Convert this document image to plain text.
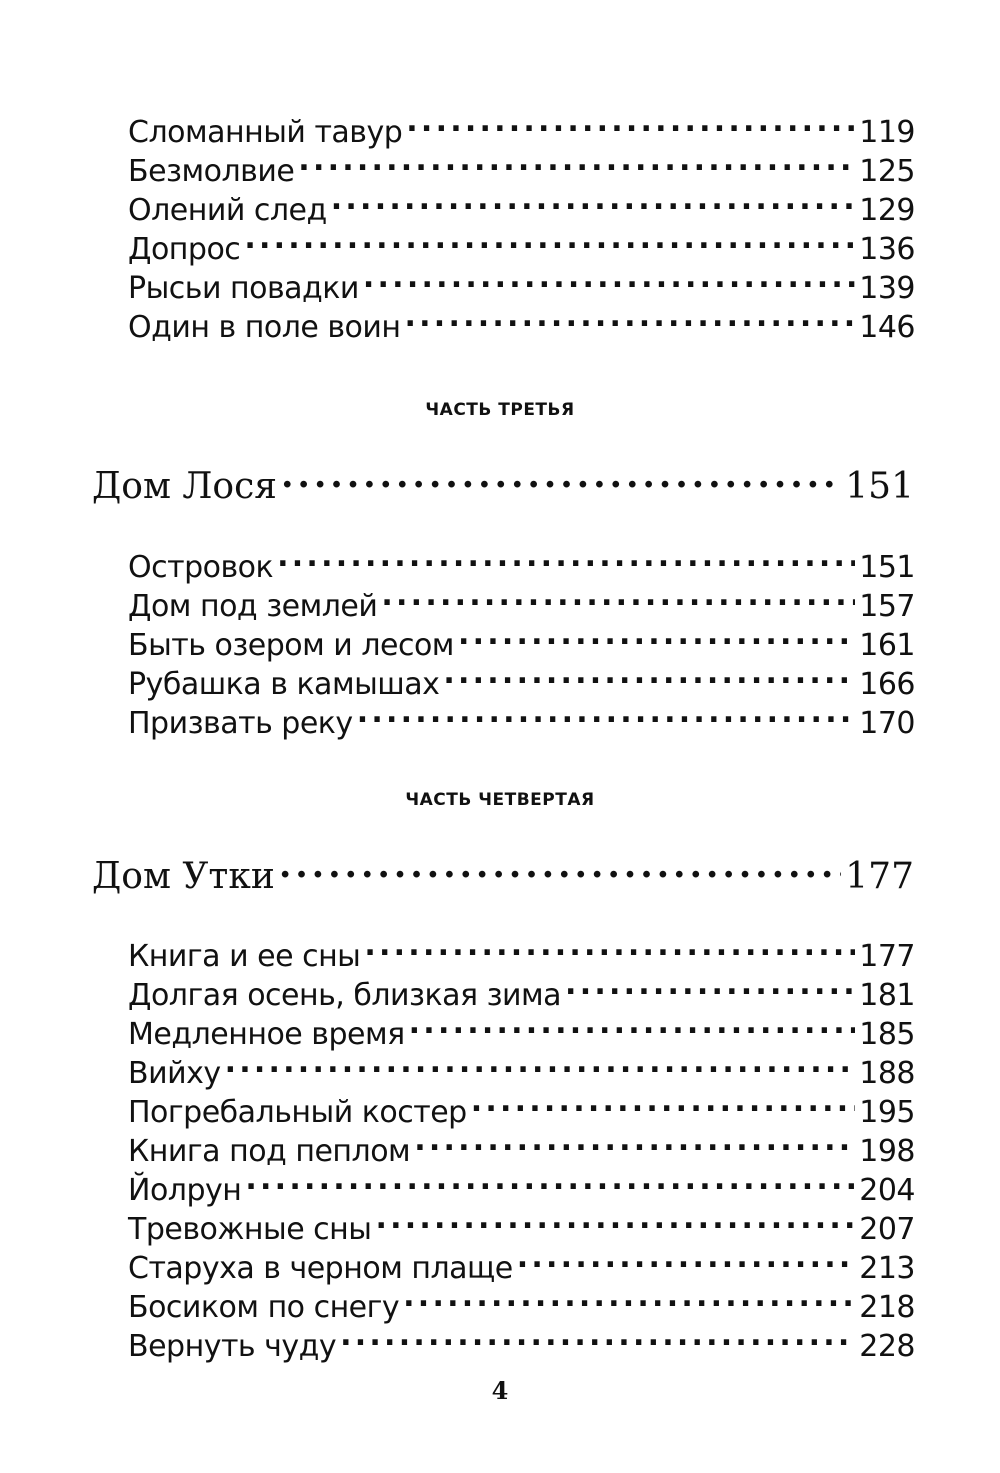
Сломанный тавур . . .	119
Безмолвие . . .	125
Олений след . . .	129
Допрос . . .	136
Рысьи повадки . . .	139
Один в поле воин . . .	146
ЧАСТЬ ТРЕТЬЯ
Дом Лося . . .	151
Островок . . .	151
Дом под землей . . .	157
Быть озером и лесом . . .	161
Рубашка в камышах . . .	166
Призвать реку . . .	170
ЧАСТЬ ЧЕТВЕРТАЯ
Дом Утки . . .	177
Книга и ее сны . . .	177
Долгая осень, близкая зима . . .	181
Медленное время . . .	185
Вийху . . .	188
Погребальный костер . . .	195
Книга под пеплом . . .	198
Йолрун . . .	204
Тревожные сны . . .	207
Старуха в черном плаще . . .	213
Босиком по снегу . . .	218
Вернуть чуду . . .	228
4
